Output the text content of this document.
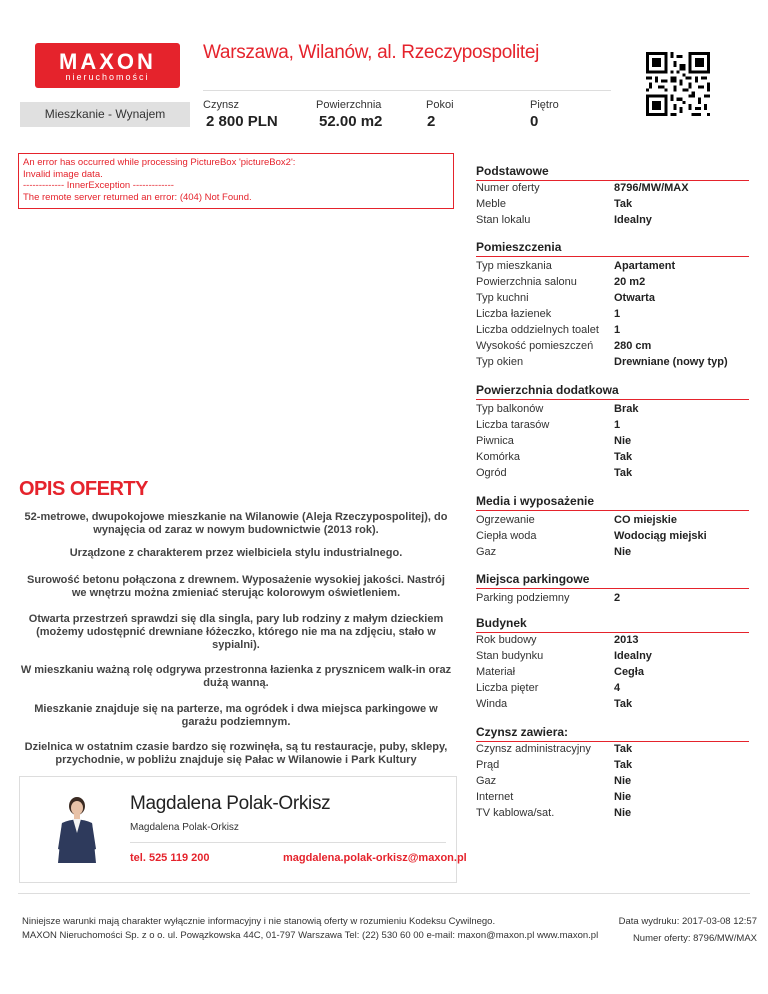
MAXON
nieruchomości
Warszawa, Wilanów, al. Rzeczypospolitej
Mieszkanie - Wynajem
Czynsz
2 800 PLN
Powierzchnia
52.00 m2
Pokoi
2
Piętro
0
An error has occurred while processing PictureBox 'pictureBox2':
Invalid image data.
------------- InnerException -------------
The remote server returned an error: (404) Not Found.
Podstawowe
Numer oferty	8796/MW/MAX
Meble	Tak
Stan lokalu	Idealny
Pomieszczenia
Typ mieszkania	Apartament
Powierzchnia salonu	20 m2
Typ kuchni	Otwarta
Liczba łazienek	1
Liczba oddzielnych toalet 1
Wysokość pomieszczeń 280 cm
Typ okien	Drewniane (nowy typ)
Powierzchnia dodatkowa
Typ balkonów	Brak
Liczba tarasów	1
Piwnica	Nie
Komórka	Tak
Ogród	Tak
Media i wyposażenie
Ogrzewanie	CO miejskie
Ciepła woda	Wodociąg miejski
Gaz	Nie
Miejsca parkingowe
Parking podziemny	2
Budynek
Rok budowy	2013
Stan budynku	Idealny
Materiał	Cegła
Liczba pięter	4
Winda	Tak
Czynsz zawiera:
Czynsz administracyjny Tak
Prąd	Tak
Gaz	Nie
Internet	Nie
TV kablowa/sat.	Nie
OPIS OFERTY
52-metrowe, dwupokojowe mieszkanie na Wilanowie (Aleja Rzeczypospolitej), do wynajęcia od zaraz w nowym budownictwie (2013 rok).
Urządzone z charakterem przez wielbiciela stylu industrialnego.
Surowość betonu połączona z drewnem. Wyposażenie wysokiej jakości. Nastrój we wnętrzu można zmieniać sterując kolorowym oświetleniem.
Otwarta przestrzeń sprawdzi się dla singla, pary lub rodziny z małym dzieckiem (możemy udostępnić drewniane łóżeczko, którego nie ma na zdjęciu, stało w sypialni).
W mieszkaniu ważną rolę odgrywa przestronna łazienka z prysznicem walk-in oraz dużą wanną.
Mieszkanie znajduje się na parterze, ma ogródek i dwa miejsca parkingowe w garażu podziemnym.
Dzielnica w ostatnim czasie bardzo się rozwinęła, są tu restauracje, puby, sklepy, przychodnie, w pobliżu znajduje się Pałac w Wilanowie i Park Kultury
Magdalena Polak-Orkisz
Magdalena Polak-Orkisz
tel. 525 119 200	magdalena.polak-orkisz@maxon.pl
Niniejsze warunki mają charakter wyłącznie informacyjny i nie stanowią oferty w rozumieniu Kodeksu Cywilnego.
MAXON Nieruchomości Sp. z o o. ul. Powązkowska 44C, 01-797 Warszawa Tel: (22) 530 60 00 e-mail: maxon@maxon.pl www.maxon.pl
Data wydruku: 2017-03-08 12:57
Numer oferty: 8796/MW/MAX
